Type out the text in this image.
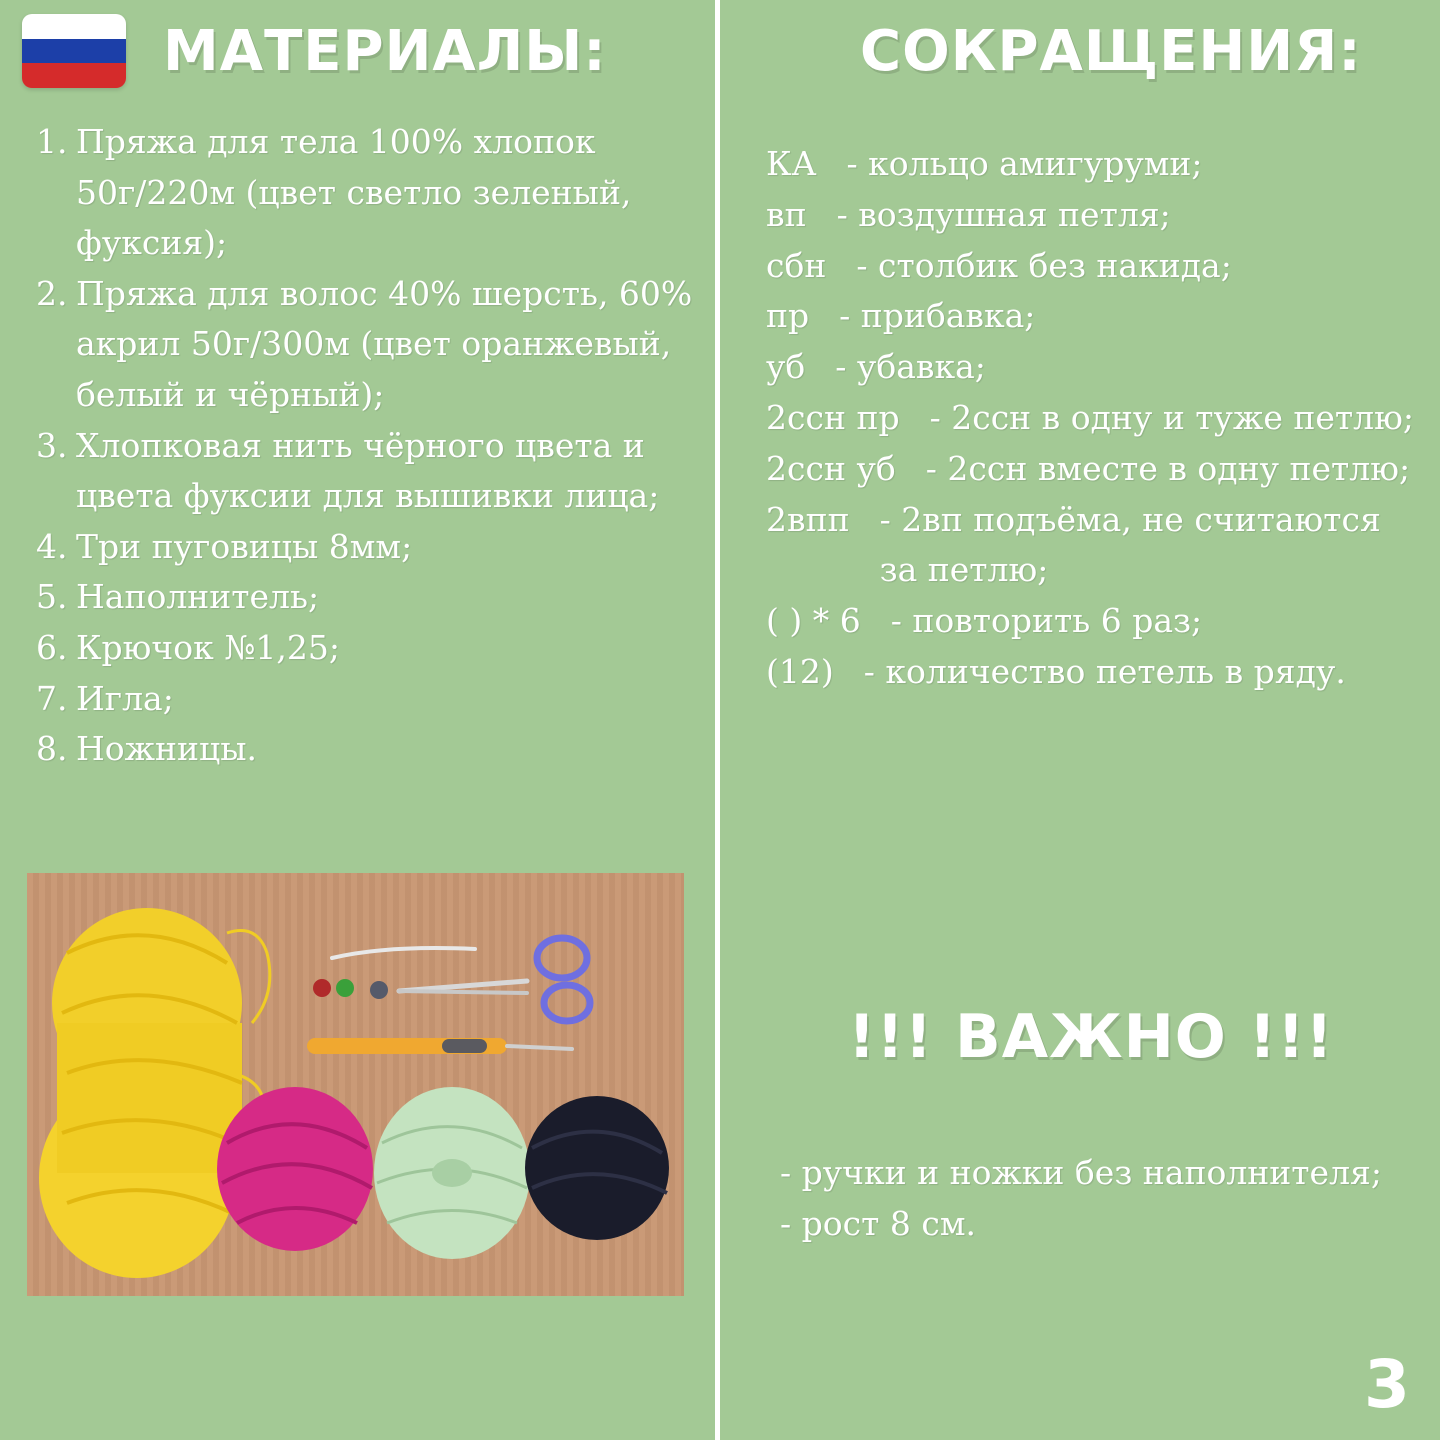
МАТЕРИАЛЫ:	СОКРАЩЕНИЯ:
1. Пряжа для тела 100% хлопок 50г/220м (цвет светло зеленый, фуксия);
2. Пряжа для волос 40% шерсть, 60% акрил 50г/300м (цвет оранжевый, белый и чёрный);
3. Хлопковая нить чёрного цвета и цвета фуксии для вышивки лица;
4. Три пуговицы 8мм;
5. Наполнитель;
6. Крючок №1,25;
7. Игла;
8. Ножницы.
КА - кольцо амигуруми;
вп - воздушная петля;
сбн - столбик без накида;
пр - прибавка;
уб - убавка;
2ссн пр - 2ссн в одну и туже петлю;
2ссн уб - 2ссн вместе в одну петлю;
2впп - 2вп подъёма, не считаются за петлю;
( ) * 6 - повторить 6 раз;
(12) - количество петель в ряду.
!!! ВАЖНО !!!
- ручки и ножки без наполнителя;
- рост 8 см.
3
